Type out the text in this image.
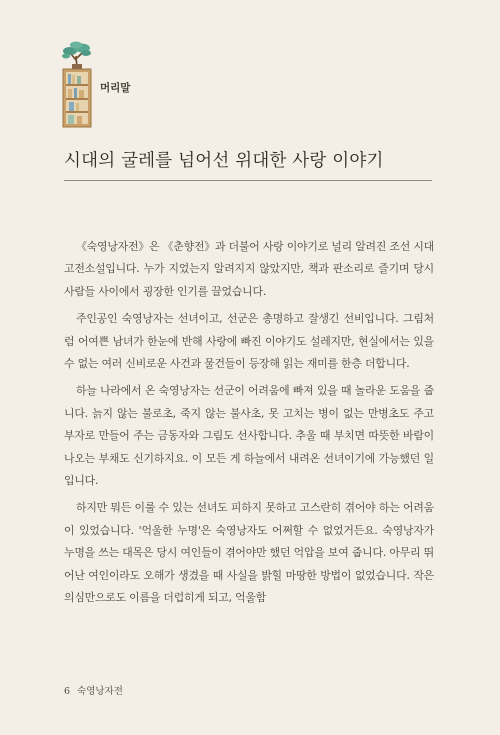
머리말
시대의 굴레를 넘어선 위대한 사랑 이야기

《숙영낭자전》은 《춘향전》과 더불어 사랑 이야기로 널리 알려진 조선 시대 고전소설입니다. 누가 지었는지 알려지지 않았지만, 책과 판소리로 즐기며 당시 사람들 사이에서 굉장한 인기를 끌었습니다.

주인공인 숙영낭자는 선녀이고, 선군은 총명하고 잘생긴 선비입니다. 그림처럼 어여쁜 남녀가 한눈에 반해 사랑에 빠진 이야기도 설레지만, 현실에서는 있을 수 없는 여러 신비로운 사건과 물건들이 등장해 읽는 재미를 한층 더합니다.

하늘 나라에서 온 숙영낭자는 선군이 어려움에 빠져 있을 때 놀라운 도움을 줍니다. 늙지 않는 불로초, 죽지 않는 불사초, 못 고치는 병이 없는 만병초도 주고 부자로 만들어 주는 금동자와 그림도 선사합니다. 추울 때 부치면 따뜻한 바람이 나오는 부채도 신기하지요. 이 모든 게 하늘에서 내려온 선녀이기에 가능했던 일입니다.

하지만 뭐든 이룰 수 있는 선녀도 피하지 못하고 고스란히 겪어야 하는 어려움이 있었습니다. '억울한 누명'은 숙영낭자도 어쩌할 수 없었거든요. 숙영낭자가 누명을 쓰는 대목은 당시 여인들이 겪어야만 했던 억압을 보여 줍니다. 아무리 뛰어난 여인이라도 오해가 생겼을 때 사실을 밝힐 마땅한 방법이 없었습니다. 작은 의심만으로도 이름을 더럽히게 되고, 억울함

6 숙영낭자전
